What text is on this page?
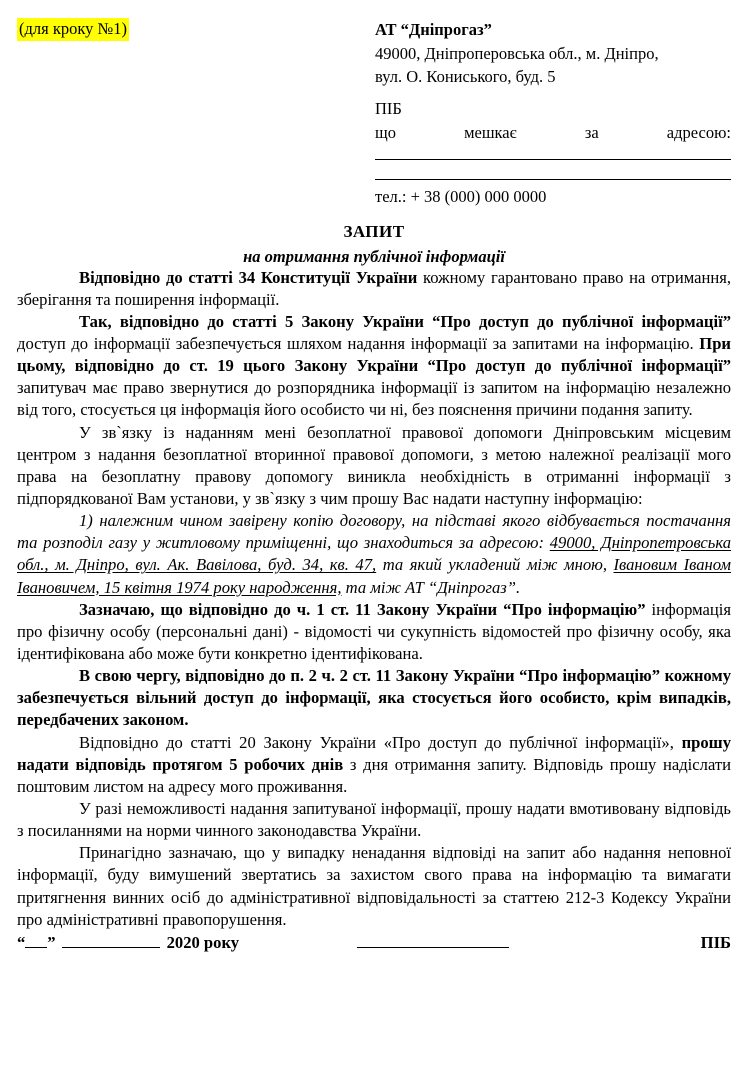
(для кроку №1)	АТ “Дніпрогаз”
49000, Дніпроперовська обл., м. Дніпро,
вул. О. Кониського, буд. 5
ПІБ
що мешкає за адресою:
тел.: + 38 (000) 000 0000
ЗАПИТ
на отримання публічної інформації

Відповідно до статті 34 Конституції України кожному гарантовано право на отримання, зберігання та поширення інформації.

Так, відповідно до статті 5 Закону України “Про доступ до публічної інформації” доступ до інформації забезпечується шляхом надання інформації за запитами на інформацію. При цьому, відповідно до ст. 19 цього Закону України “Про доступ до публічної інформації” запитувач має право звернутися до розпорядника інформації із запитом на інформацію незалежно від того, стосується ця інформація його особисто чи ні, без пояснення причини подання запиту.

У зв`язку із наданням мені безоплатної правової допомоги Дніпровським місцевим центром з надання безоплатної вторинної правової допомоги, з метою належної реалізації мого права на безоплатну правову допомогу виникла необхідність в отриманні інформації з підпорядкованої Вам установи, у зв`язку з чим прошу Вас надати наступну інформацію:

1) належним чином завірену копію договору, на підставі якого відбувається постачання та розподіл газу у житловому приміщенні, що знаходиться за адресою: 49000, Дніпропетровська обл., м. Дніпро, вул. Ак. Вавілова, буд. 34, кв. 47, та який укладений між мною, Івановим Іваном Івановичем, 15 квітня 1974 року народження, та між АТ “Дніпрогаз”.

Зазначаю, що відповідно до ч. 1 ст. 11 Закону України “Про інформацію” інформація про фізичну особу (персональні дані) - відомості чи сукупність відомостей про фізичну особу, яка ідентифікована або може бути конкретно ідентифікована.

В свою чергу, відповідно до п. 2 ч. 2 ст. 11 Закону України “Про інформацію” кожному забезпечується вільний доступ до інформації, яка стосується його особисто, крім випадків, передбачених законом.

Відповідно до статті 20 Закону України «Про доступ до публічної інформації», прошу надати відповідь протягом 5 робочих днів з дня отримання запиту. Відповідь прошу надіслати поштовим листом на адресу мого проживання.

У разі неможливості надання запитуваної інформації, прошу надати вмотивовану відповідь з посиланнями на норми чинного законодавства України.

Принагідно зазначаю, що у випадку ненадання відповіді на запит або надання неповної інформації, буду вимушений звертатись за захистом свого права на інформацію та вимагати притягнення винних осіб до адміністративної відповідальності за статтею 212-3 Кодексу України про адміністративні правопорушення.

“ ”	2020 року	ПІБ
